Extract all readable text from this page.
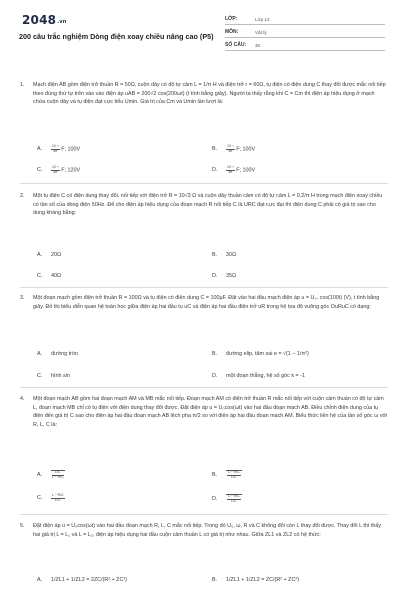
2048.vn
200 câu trắc nghiệm Dòng điện xoay chiều nâng cao (P5)
LỚP:	Lớp 12
MÔN:	Vật lý
SỐ CÂU:	30
1.	Mạch điện AB gồm điện trở thuần R = 50Ω, cuộn dây có độ tự cảm L = 1/π H và điện trở r = 60Ω, tụ điện có điện dung C thay đổi được mắc nối tiếp theo đúng thứ tự trên vào vào điện áp uAB = 200√2 cos(200ωt) (t tính bằng giây). Người ta thấy rằng khi C = Cm thì điện áp hiệu dụng ở mạch chứa cuộn dây và tụ điện đạt cực tiểu Umin. Giá trị của Cm và Umin lần lượt là:
A.	$\frac{\text{10⁻³}}{4\pi} F$; 100V	B.	$\frac{\text{10⁻³}}{3\pi} F$; 100V
C.	$\frac{\text{10⁻³}}{4\pi} F$; 120V	D.	$\frac{\text{10⁻³}}{3\pi} F$; 100V
2.	Một tụ điện C có điện dung thay đổi, nối tiếp với điện trở R = 10√3 Ω và cuộn dây thuần cảm có độ tự cảm L = 0,2/π H trong mạch điện xoay chiều có tần số của dòng điện 50Hz. Để cho điện áp hiệu dụng của đoạn mạch R nối tiếp C là URC đạt cực đại thì điện dung C phải có giá trị sao cho dung kháng bằng:
A. 20Ω	B. 30Ω
C. 40Ω	D. 35Ω
3.	Một đoạn mạch gồm điện trở thuần R = 100Ω và tụ điện có điện dung C = 100µF. Đặt vào hai đầu mạch điện áp u = U₀. cos(100t) (V), t tính bằng giây. Đồ thị biểu diễn quan hệ toán học giữa điện áp hai đầu tụ uC và điện áp hai đầu điện trở uR trong hệ tọa độ vuông góc OuRuC có dạng:
A. đường tròn	B. đường elip, tâm sai e = √(1 − 1/π²)
C. hình sin	D. một đoạn thẳng, hệ số góc k = -1
4.	Một đoạn mạch AB gồm hai đoạn mạch AM và MB mắc nối tiếp. Đoạn mạch AM có điện trở thuần R mắc nối tiếp với cuộn cảm thuần có độ tự cảm L, đoạn mạch MB chỉ có tụ điện với điện dung thay đổi được. Đặt điện áp u = U₀cos(ωt) vào hai đầu đoạn mạch AB. Điều chỉnh điện dung của tụ điện đến giá trị C sao cho điện áp hai đầu đoạn mạch AB lệch pha π/2 so với điện áp hai đầu đoạn mạch AM. Biểu thức liên hệ của tần số góc ω với R, L, C là:
A.	$\frac{\text{L²C}}{\text{L − R²C}}$	B.	$\frac{\text{L − R²C}}{\text{L²C}}$
C.	$\frac{\text{L − R²C}}{\text{L²C}}$	D.	$\frac{\text{L − R²C}}{\text{L²C}}$
5.	Đặt điện áp u = U₀cos(ωt) vào hai đầu đoạn mạch R, L, C mắc nối tiếp. Trong đó U₀, ω, R và C không đổi còn L thay đổi được. Thay đổi L thì thấy hai giá trị L = L₁ và L = L₂, điện áp hiệu dụng hai đầu cuộn cảm thuần L có giá trị như nhau. Giữa ZL1 và ZL2 có hệ thức:
A. 1/ZL1 + 1/ZL2 = 2ZC/(R² + ZC²)	B. 1/ZL1 + 1/ZL2 = ZC/(R² + ZC²)
